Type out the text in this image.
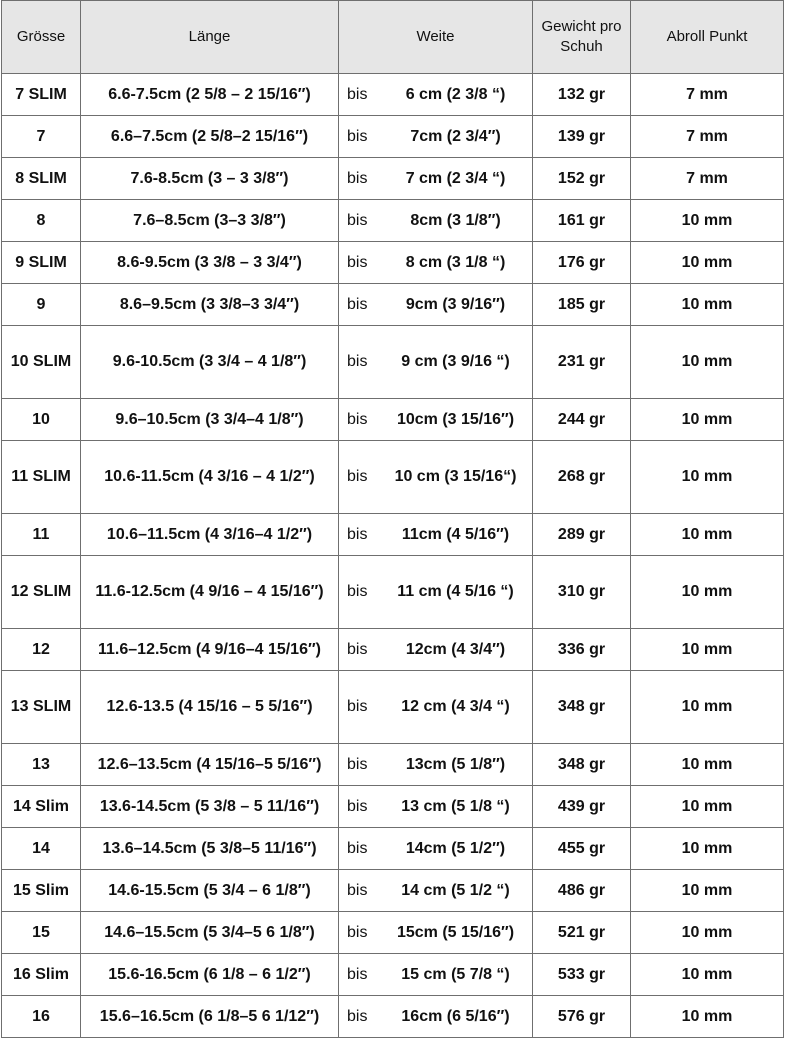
Grösse	Länge	Weite	Gewicht pro Schuh	Abroll Punkt
7 SLIM	6.6-7.5cm (2 5/8 – 2 15/16″)	bis 6 cm (2 3/8 “)	132 gr	7 mm
7	6.6–7.5cm (2 5/8–2 15/16″)	bis 7cm (2 3/4″)	139 gr	7 mm
8 SLIM	7.6-8.5cm (3 – 3 3/8″)	bis 7 cm (2 3/4 “)	152 gr	7 mm
8	7.6–8.5cm (3–3 3/8″)	bis 8cm (3 1/8″)	161 gr	10 mm
9 SLIM	8.6-9.5cm (3 3/8 – 3 3/4″)	bis 8 cm (3 1/8 “)	176 gr	10 mm
9	8.6–9.5cm (3 3/8–3 3/4″)	bis 9cm (3 9/16″)	185 gr	10 mm
10 SLIM	9.6-10.5cm (3 3/4 – 4 1/8″)	bis 9 cm (3 9/16 “)	231 gr	10 mm
10	9.6–10.5cm (3 3/4–4 1/8″)	bis 10cm (3 15/16″)	244 gr	10 mm
11 SLIM	10.6-11.5cm (4 3/16 – 4 1/2″)	bis 10 cm (3 15/16“)	268 gr	10 mm
11	10.6–11.5cm (4 3/16–4 1/2″)	bis 11cm (4 5/16″)	289 gr	10 mm
12 SLIM	11.6-12.5cm (4 9/16 – 4 15/16″)	bis 11 cm (4 5/16 “)	310 gr	10 mm
12	11.6–12.5cm (4 9/16–4 15/16″)	bis 12cm (4 3/4″)	336 gr	10 mm
13 SLIM	12.6-13.5 (4 15/16 – 5 5/16″)	bis 12 cm (4 3/4 “)	348 gr	10 mm
13	12.6–13.5cm (4 15/16–5 5/16″)	bis 13cm (5 1/8″)	348 gr	10 mm
14 Slim	13.6-14.5cm (5 3/8 – 5 11/16″)	bis 13 cm (5 1/8 “)	439 gr	10 mm
14	13.6–14.5cm (5 3/8–5 11/16″)	bis 14cm (5 1/2″)	455 gr	10 mm
15 Slim	14.6-15.5cm (5 3/4 – 6 1/8″)	bis 14 cm (5 1/2 “)	486 gr	10 mm
15	14.6–15.5cm (5 3/4–5 6 1/8″)	bis 15cm (5 15/16″)	521 gr	10 mm
16 Slim	15.6-16.5cm (6 1/8 – 6 1/2″)	bis 15 cm (5 7/8 “)	533 gr	10 mm
16	15.6–16.5cm (6 1/8–5 6 1/12″)	bis 16cm (6 5/16″)	576 gr	10 mm
